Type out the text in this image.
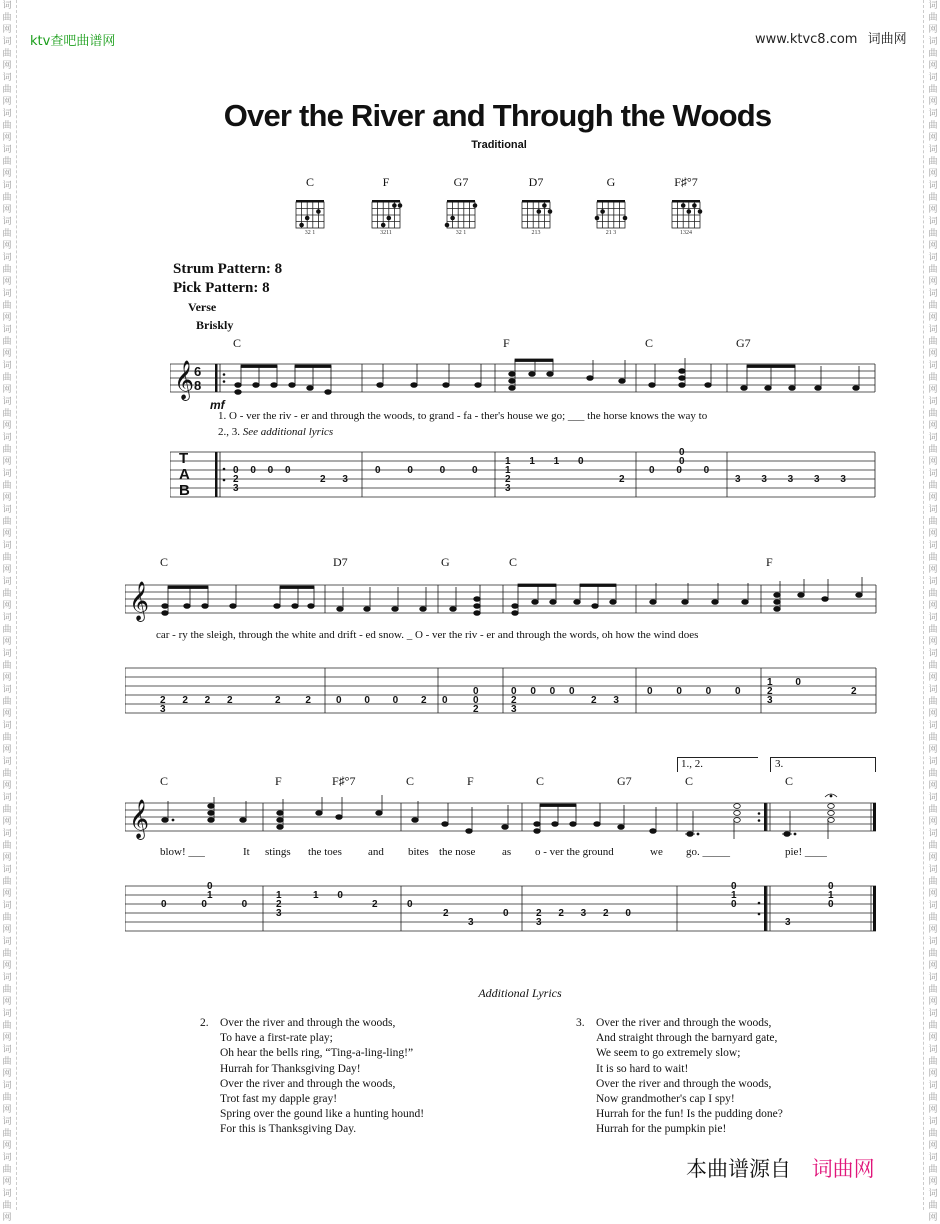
词曲网词曲网词曲网词曲网词曲网词曲网词曲网词曲网词曲网词曲网词曲网词曲网词曲网词曲网词曲网词曲网词曲网词曲网词曲网词曲网词曲网词曲网词曲网词曲网词曲网词曲网词曲网词曲网词曲网词曲网词曲网词曲网词曲网词曲网
词曲网词曲网词曲网词曲网词曲网词曲网词曲网词曲网词曲网词曲网词曲网词曲网词曲网词曲网词曲网词曲网词曲网词曲网词曲网词曲网词曲网词曲网词曲网词曲网词曲网词曲网词曲网词曲网词曲网词曲网词曲网词曲网词曲网词曲网
ktv查吧曲谱网	www.ktvc8.com 词曲网
Over the River and Through the Woods
Traditional
C
32 1
F
3211
G7
32 1
D7
213
G
21 3
F♯°7
1324
Strum Pattern: 8
Pick Pattern: 8
Verse
Briskly
C	F	C	G7
𝄞 6
8
mf
1. O - ver the riv - er and through the woods, to grand - fa - ther's house we go; ___ the horse knows the way to
2., 3. See additional lyrics
T
A
B
0 0 0 0
2
3
2 3
0 0 0 0
1 1 1 0
1
2
3
2
0
0 0 0
0
3 3 3 3 3
C	D7	G	C	F
𝄞
car - ry the sleigh, through the white and drift - ed snow. _ O - ver the riv - er and through the words, oh how the wind does
2 2 2 2
3
2 2	0 0 0 2 0
0
0
2
0 0 0 0
2
3
2 3
0 0 0 0
1 0
2
3
2
1., 2.	3.
C	F	F♯°7	C	F	C	G7	C	C
𝄞
blow! ___	It stings the toes and bites the nose as o - ver the ground	we go. _____	pie! ____
0
1
0 0 0
1
2
3
1 0
2	0
2
3
0	2 2 3 2 0
3
0
1
0
0
1
0
3
Additional Lyrics
2. Over the river and through the woods,
To have a first-rate play;
Oh hear the bells ring, “Ting-a-ling-ling!”
Hurrah for Thanksgiving Day!
Over the river and through the woods,
Trot fast my dapple gray!
Spring over the gound like a hunting hound!
For this is Thanksgiving Day.
3. Over the river and through the woods,
And straight through the barnyard gate,
We seem to go extremely slow;
It is so hard to wait!
Over the river and through the woods,
Now grandmother's cap I spy!
Hurrah for the fun! Is the pudding done?
Hurrah for the pumpkin pie!
本曲谱源自 词曲网
